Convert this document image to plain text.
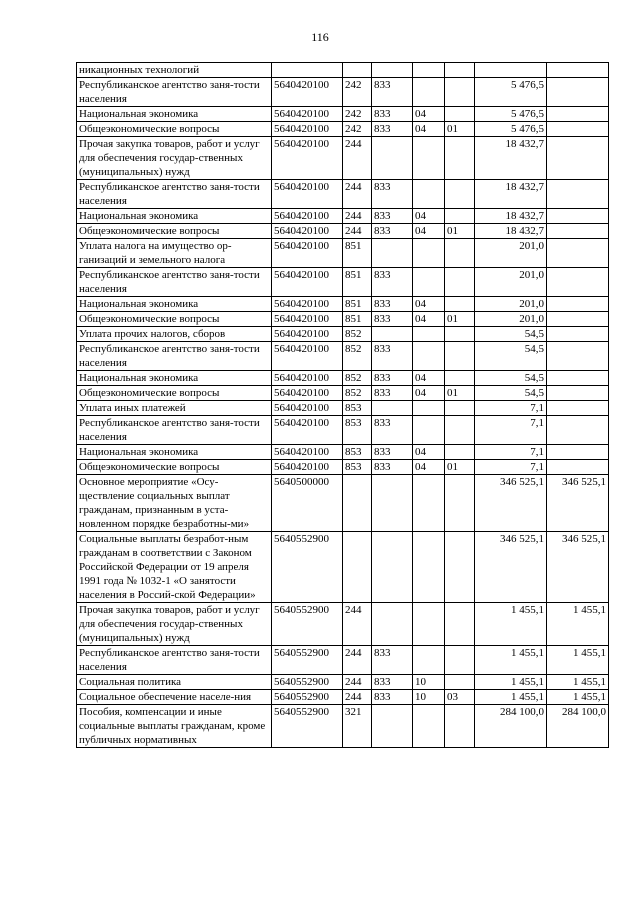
116
никационных технологий							
Республиканское агентство заня-тости населения	5640420100	242	833			5 476,5	
Национальная экономика	5640420100	242	833	04		5 476,5	
Общеэкономические вопросы	5640420100	242	833	04	01	5 476,5	
Прочая закупка товаров, работ и услуг для обеспечения государ-ственных (муниципальных) нужд	5640420100	244				18 432,7	
Республиканское агентство заня-тости населения	5640420100	244	833			18 432,7	
Национальная экономика	5640420100	244	833	04		18 432,7	
Общеэкономические вопросы	5640420100	244	833	04	01	18 432,7	
Уплата налога на имущество ор-ганизаций и земельного налога	5640420100	851				201,0	
Республиканское агентство заня-тости населения	5640420100	851	833			201,0	
Национальная экономика	5640420100	851	833	04		201,0	
Общеэкономические вопросы	5640420100	851	833	04	01	201,0	
Уплата прочих налогов, сборов	5640420100	852				54,5	
Республиканское агентство заня-тости населения	5640420100	852	833			54,5	
Национальная экономика	5640420100	852	833	04		54,5	
Общеэкономические вопросы	5640420100	852	833	04	01	54,5	
Уплата иных платежей	5640420100	853				7,1	
Республиканское агентство заня-тости населения	5640420100	853	833			7,1	
Национальная экономика	5640420100	853	833	04		7,1	
Общеэкономические вопросы	5640420100	853	833	04	01	7,1	
Основное мероприятие «Осу-ществление социальных выплат гражданам, признанным в уста-новленном порядке безработны-ми»	5640500000					346 525,1	346 525,1
Социальные выплаты безработ-ным гражданам в соответствии с Законом Российской Федерации от 19 апреля 1991 года № 1032-1 «О занятости населения в Россий-ской Федерации»	5640552900					346 525,1	346 525,1
Прочая закупка товаров, работ и услуг для обеспечения государ-ственных (муниципальных) нужд	5640552900	244				1 455,1	1 455,1
Республиканское агентство заня-тости населения	5640552900	244	833			1 455,1	1 455,1
Социальная политика	5640552900	244	833	10		1 455,1	1 455,1
Социальное обеспечение населе-ния	5640552900	244	833	10	03	1 455,1	1 455,1
Пособия, компенсации и иные социальные выплаты гражданам, кроме публичных нормативных	5640552900	321				284 100,0	284 100,0
